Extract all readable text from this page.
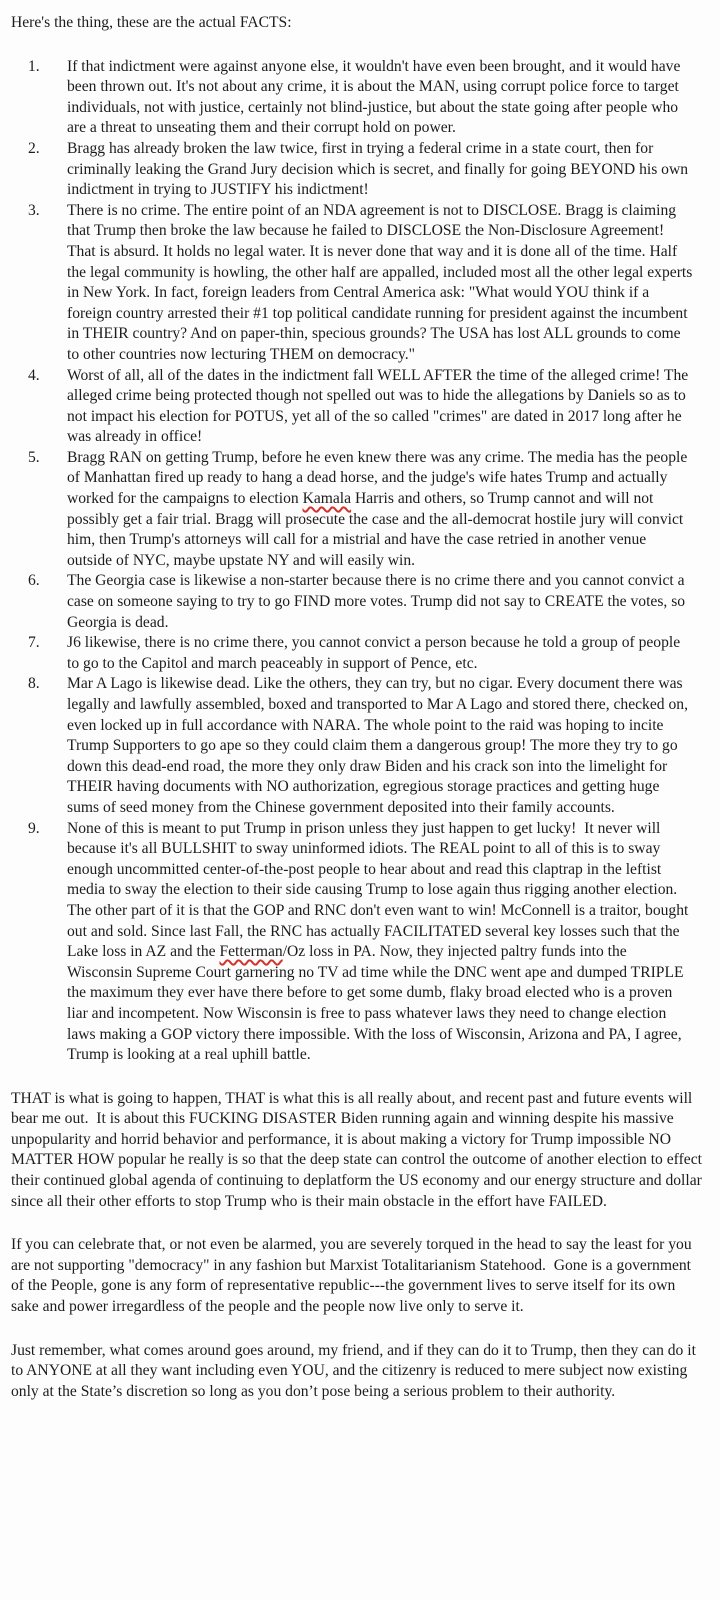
Here's the thing, these are the actual FACTS:

1.	If that indictment were against anyone else, it wouldn't have even been brought, and it would have been thrown out. It's not about any crime, it is about the MAN, using corrupt police force to target individuals, not with justice, certainly not blind-justice, but about the state going after people who are a threat to unseating them and their corrupt hold on power.
2.	Bragg has already broken the law twice, first in trying a federal crime in a state court, then for criminally leaking the Grand Jury decision which is secret, and finally for going BEYOND his own indictment in trying to JUSTIFY his indictment!
3.	There is no crime. The entire point of an NDA agreement is not to DISCLOSE. Bragg is claiming that Trump then broke the law because he failed to DISCLOSE the Non-Disclosure Agreement! That is absurd. It holds no legal water. It is never done that way and it is done all of the time. Half the legal community is howling, the other half are appalled, included most all the other legal experts in New York. In fact, foreign leaders from Central America ask: "What would YOU think if a foreign country arrested their #1 top political candidate running for president against the incumbent in THEIR country? And on paper-thin, specious grounds? The USA has lost ALL grounds to come to other countries now lecturing THEM on democracy."
4.	Worst of all, all of the dates in the indictment fall WELL AFTER the time of the alleged crime! The alleged crime being protected though not spelled out was to hide the allegations by Daniels so as to not impact his election for POTUS, yet all of the so called "crimes" are dated in 2017 long after he was already in office!
5.	Bragg RAN on getting Trump, before he even knew there was any crime. The media has the people of Manhattan fired up ready to hang a dead horse, and the judge's wife hates Trump and actually worked for the campaigns to election Kamala Harris and others, so Trump cannot and will not possibly get a fair trial. Bragg will prosecute the case and the all-democrat hostile jury will convict him, then Trump's attorneys will call for a mistrial and have the case retried in another venue outside of NYC, maybe upstate NY and will easily win.
6.	The Georgia case is likewise a non-starter because there is no crime there and you cannot convict a case on someone saying to try to go FIND more votes. Trump did not say to CREATE the votes, so Georgia is dead.
7.	J6 likewise, there is no crime there, you cannot convict a person because he told a group of people to go to the Capitol and march peaceably in support of Pence, etc.
8.	Mar A Lago is likewise dead. Like the others, they can try, but no cigar. Every document there was legally and lawfully assembled, boxed and transported to Mar A Lago and stored there, checked on, even locked up in full accordance with NARA. The whole point to the raid was hoping to incite Trump Supporters to go ape so they could claim them a dangerous group! The more they try to go down this dead-end road, the more they only draw Biden and his crack son into the limelight for THEIR having documents with NO authorization, egregious storage practices and getting huge sums of seed money from the Chinese government deposited into their family accounts.
9.	None of this is meant to put Trump in prison unless they just happen to get lucky!  It never will because it's all BULLSHIT to sway uninformed idiots. The REAL point to all of this is to sway enough uncommitted center-of-the-post people to hear about and read this claptrap in the leftist media to sway the election to their side causing Trump to lose again thus rigging another election. The other part of it is that the GOP and RNC don't even want to win! McConnell is a traitor, bought out and sold. Since last Fall, the RNC has actually FACILITATED several key losses such that the Lake loss in AZ and the Fetterman/Oz loss in PA. Now, they injected paltry funds into the Wisconsin Supreme Court garnering no TV ad time while the DNC went ape and dumped TRIPLE the maximum they ever have there before to get some dumb, flaky broad elected who is a proven liar and incompetent. Now Wisconsin is free to pass whatever laws they need to change election laws making a GOP victory there impossible. With the loss of Wisconsin, Arizona and PA, I agree, Trump is looking at a real uphill battle.

THAT is what is going to happen, THAT is what this is all really about, and recent past and future events will bear me out.  It is about this FUCKING DISASTER Biden running again and winning despite his massive unpopularity and horrid behavior and performance, it is about making a victory for Trump impossible NO MATTER HOW popular he really is so that the deep state can control the outcome of another election to effect their continued global agenda of continuing to deplatform the US economy and our energy structure and dollar since all their other efforts to stop Trump who is their main obstacle in the effort have FAILED.

If you can celebrate that, or not even be alarmed, you are severely torqued in the head to say the least for you are not supporting "democracy" in any fashion but Marxist Totalitarianism Statehood.  Gone is a government of the People, gone is any form of representative republic---the government lives to serve itself for its own sake and power irregardless of the people and the people now live only to serve it.

Just remember, what comes around goes around, my friend, and if they can do it to Trump, then they can do it to ANYONE at all they want including even YOU, and the citizenry is reduced to mere subject now existing only at the State’s discretion so long as you don’t pose being a serious problem to their authority.
